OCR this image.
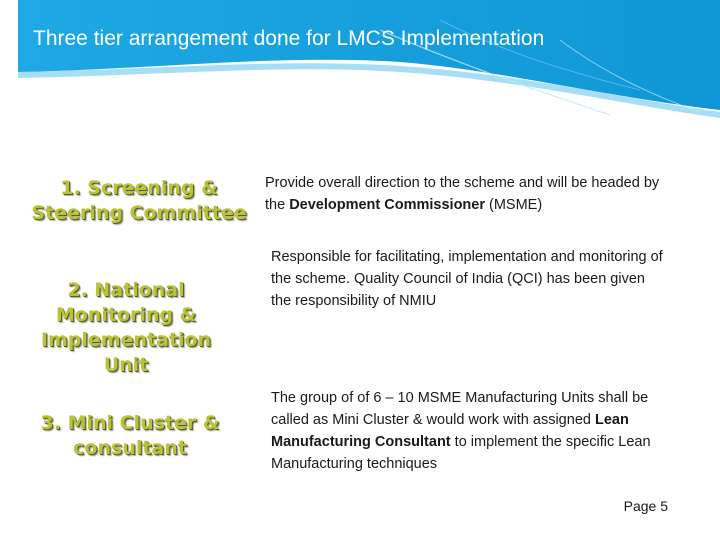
Three tier arrangement done for LMCS Implementation
1. Screening &
Steering Committee
Provide overall direction to the scheme and will be headed by the Development Commissioner (MSME)
2. National
Monitoring &
Implementation
Unit
Responsible for facilitating, implementation and monitoring of the scheme. Quality Council of India (QCI) has been given the responsibility of NMIU
3. Mini Cluster &
consultant
The group of of 6 – 10 MSME Manufacturing Units shall be called as Mini Cluster & would work with assigned Lean Manufacturing Consultant to implement the specific Lean Manufacturing techniques
Page 5
